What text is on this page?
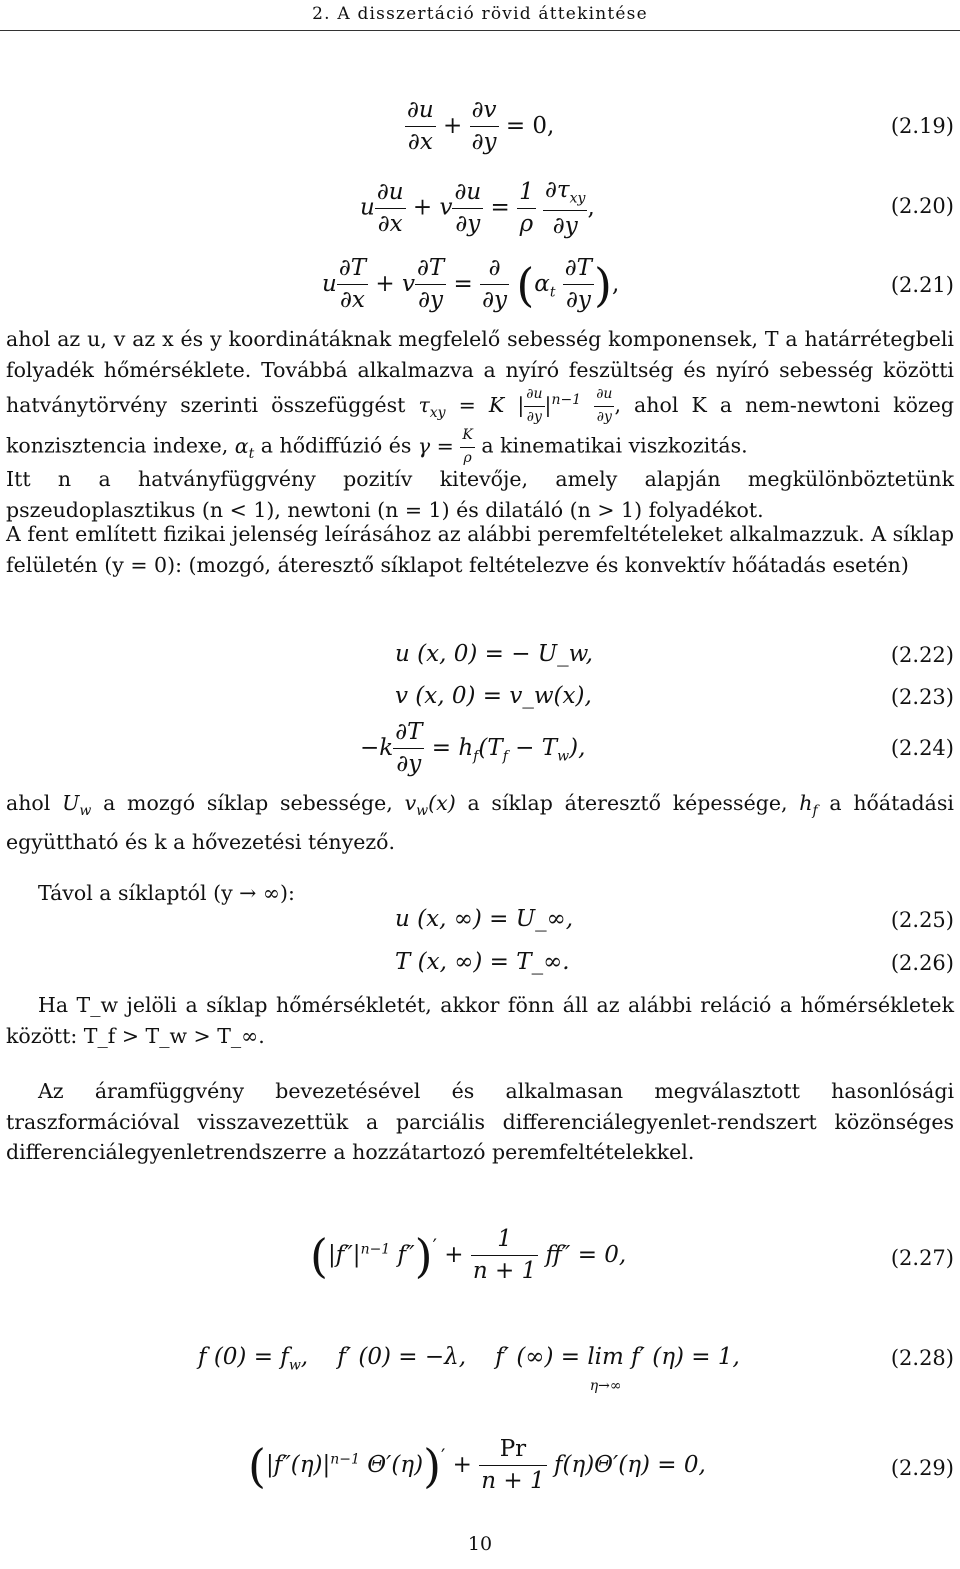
2. A disszertáció rövid áttekintése
$\frac{\partial u}{\partial x} + \frac{\partial v}{\partial y} = 0$,	(2.19)
u $\frac{\partial u}{\partial x} + v \frac{\partial u}{\partial y} = \frac{1}{\rho}$
$\frac{\partial\tau_{xy}}{\partial y}$ ,	(2.20)
u $\frac{\partial T}{\partial x} + v \frac{\partial T}{\partial y} = \frac{\partial}{\partial y} (\alpha_t \frac{\partial T}{\partial y}$ ),	(2.21)
ahol az u, v az x és y koordinátáknak megfelelő sebesség komponensek, T a határrétegbeli folyadék hőmérséklete. Továbbá alkalmazva a nyíró feszültség és nyíró sebesség közötti hatványtörvény szerinti összefüggést $\tau_{xy} = K$ | $\frac{\partial u}{\partial y} |^{n-1} \frac{\partial u}{\partial y}$ , ahol K a nem-newtoni közeg konzisztencia indexe, $\alpha_t$ a hődiffúzió és $\gamma = \frac{K}{\rho}$ a kinematikai viszkozitás.
Itt n a hatványfüggvény pozitív kitevője, amely alapján megkülönböztetünk pszeudoplasztikus (n < 1), newtoni (n = 1) és dilatáló (n > 1) folyadékot.
A fent említett fizikai jelenség leírásához az alábbi peremfeltételeket alkalmazzuk. A síklap felületén (y = 0): (mozgó, áteresztő síklapot feltételezve és konvektív hőátadás esetén)
u (x, 0) = − U_w,	(2.22)
v (x, 0) = v_w(x),	(2.23)
$-k \frac{\partial T}{\partial y} = h_f(T_f - T_w)$,	(2.24)
ahol $U_w$ a mozgó síklap sebessége, $v_w(x)$ a síklap áteresztő képessége, $h_f$ a hőátadási együttható és k a hővezetési tényező.
Távol a síklaptól (y → ∞):
u (x, ∞) = U_∞,	(2.25)
T (x, ∞) = T_∞.	(2.26)
Ha T_w jelöli a síklap hőmérsékletét, akkor fönn áll az alábbi reláció a hőmérsékletek között: T_f > T_w > T_∞.
Az áramfüggvény bevezetésével és alkalmasan megválasztott hasonlósági traszformációval visszavezettük a parciális differenciálegyenlet-rendszert közönséges differenciálegyenletrendszerre a hozzátartozó peremfeltételekkel.
($|f''|^{n-1}$ $f'')' + \frac{1}{n + 1} ff'' = 0$,	(2.27)
f $(0) = f_w$,    f′ (0) = −λ,    f′ (∞) = lim
η→∞ f′ (η) = 1,	(2.28)
($|f''(\eta)|^{n-1}$ $\Theta'(\eta))' + \frac{Pr}{n + 1} f(\eta)\Theta'(\eta) = 0$,	(2.29)
10
